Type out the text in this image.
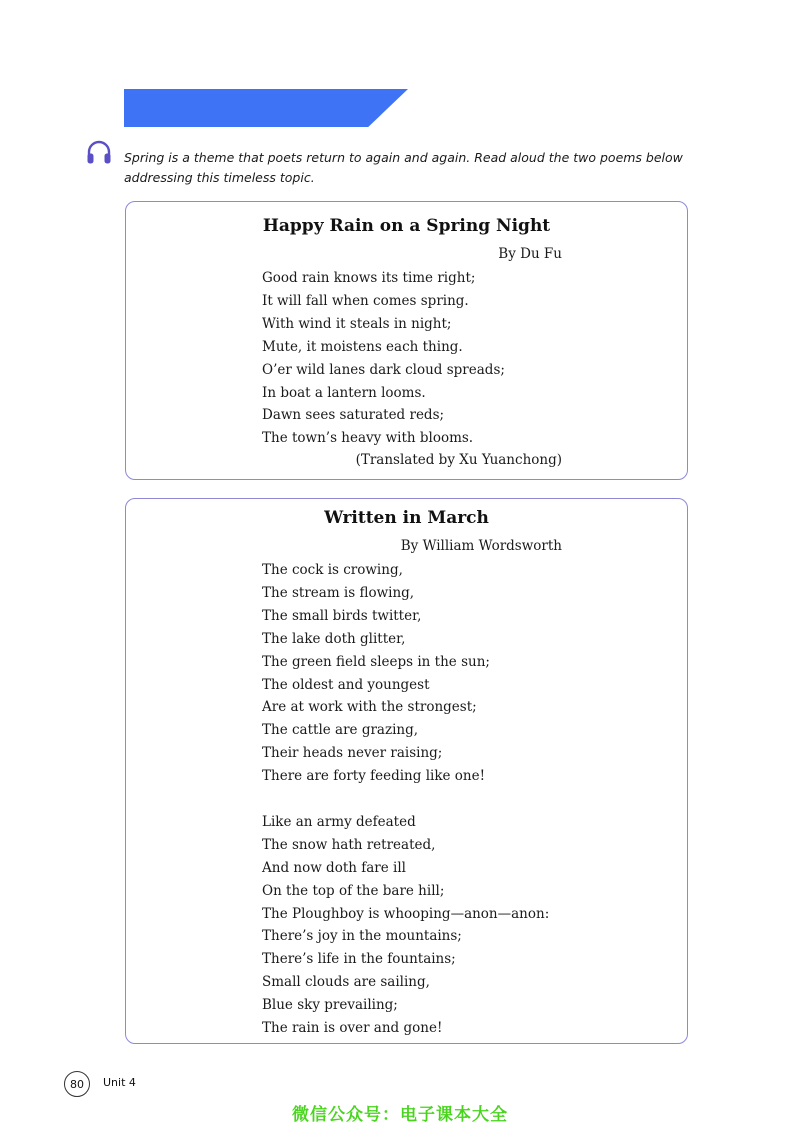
Spring is a theme that poets return to again and again. Read aloud the two poems below addressing this timeless topic.

Happy Rain on a Spring Night

By Du Fu

Good rain knows its time right;
It will fall when comes spring.
With wind it steals in night;
Mute, it moistens each thing.
O’er wild lanes dark cloud spreads;
In boat a lantern looms.
Dawn sees saturated reds;
The town’s heavy with blooms.

(Translated by Xu Yuanchong)

Written in March

By William Wordsworth

The cock is crowing,
The stream is flowing,
The small birds twitter,
The lake doth glitter,
The green field sleeps in the sun;
The oldest and youngest
Are at work with the strongest;
The cattle are grazing,
Their heads never raising;
There are forty feeding like one!
Like an army defeated
The snow hath retreated,
And now doth fare ill
On the top of the bare hill;
The Ploughboy is whooping—anon—anon:
There’s joy in the mountains;
There’s life in the fountains;
Small clouds are sailing,
Blue sky prevailing;
The rain is over and gone!
80	Unit 4
微信公众号：电子课本大全
